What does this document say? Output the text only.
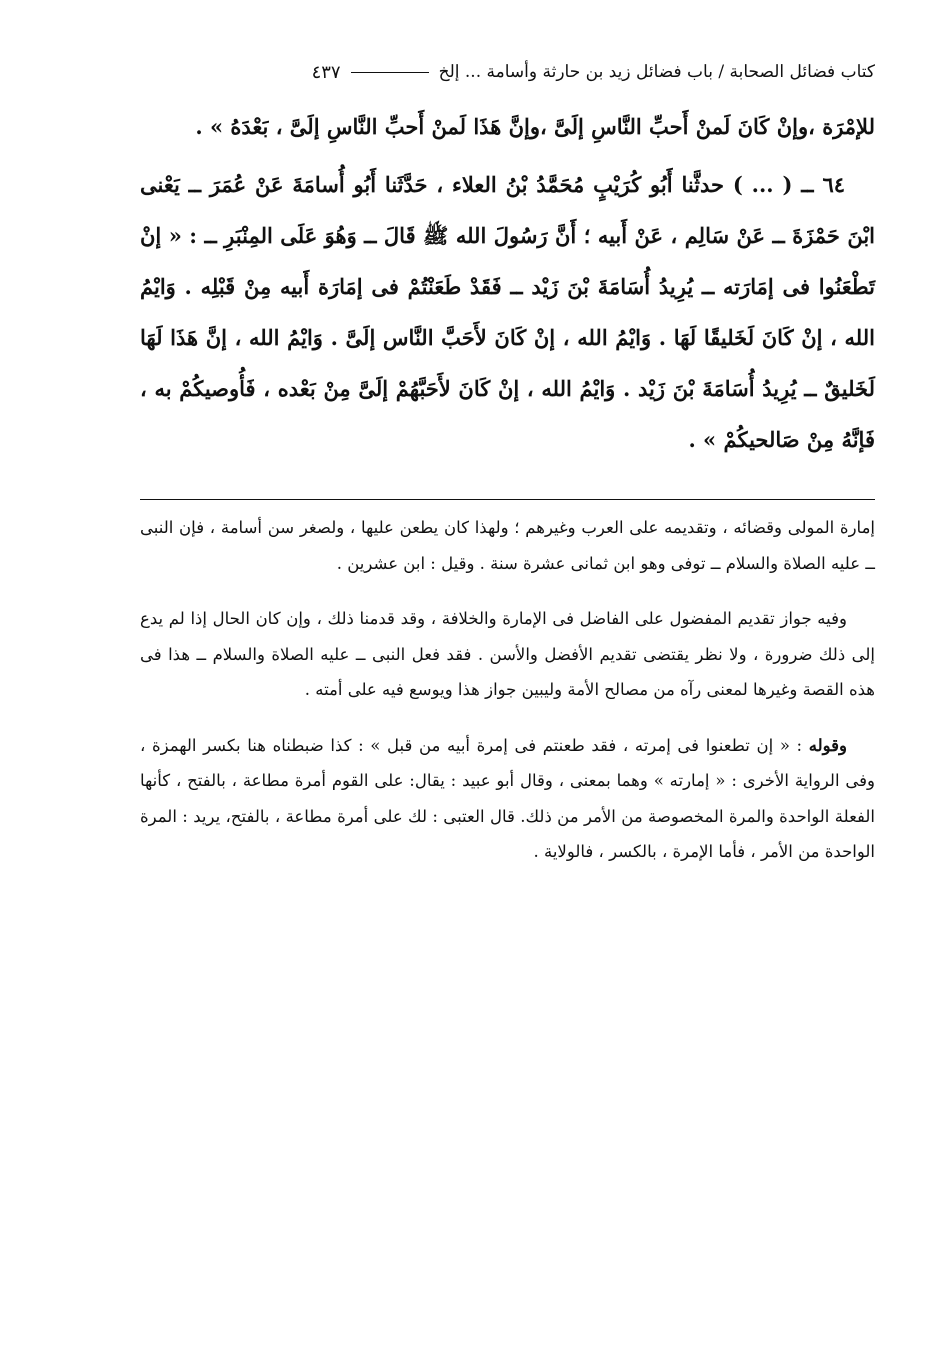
كتاب فضائل الصحابة / باب فضائل زيد بن حارثة وأسامة ... إلخ
٤٣٧

للإمْرَة ،وإنْ كَانَ لَمنْ أَحبِّ النَّاسِ إلَىَّ ،وإنَّ هَذَا لَمنْ أَحبِّ النَّاسِ إلَىَّ ، بَعْدَهُ » .

٦٤ ــ ( ... ) حدثَّنا أَبُو كُرَيْبٍ مُحَمَّدُ بْنُ العلاء ، حَدَّثَنا أَبُو أُسامَةَ عَنْ عُمَرَ ــ يَعْنى ابْنَ حَمْزَةَ ــ عَنْ سَالِم ، عَنْ أَبيه ؛ أَنَّ رَسُولَ الله ﷺ قَالَ ــ وَهُوَ عَلَى المِنْبَرِ ــ : « إنْ تَطْعَنُوا فى إمَارَته ــ يُرِيدُ أُسَامَةَ بْنَ زَيْد ــ فَقَدْ طَعَنْتُمْ فى إمَارَة أَبيه مِنْ قَبْلِه . وَايْمُ الله ، إنْ كَانَ لَخَليقًا لَهَا . وَايْمُ الله ، إنْ كَانَ لأَحَبَّ النَّاس إلَىَّ . وَايْمُ الله ، إنَّ هَذَا لَهَا لَخَليقٌ ــ يُرِيدُ أُسَامَةَ بْنَ زَيْد . وَايْمُ الله ، إنْ كَانَ لأَحَبَّهُمْ إلَىَّ مِنْ بَعْده ، فَأُوصيكُمْ به ، فَإنَّهُ مِنْ صَالحيكُمْ » .

إمارة المولى وقضائه ، وتقديمه على العرب وغيرهم ؛ ولهذا كان يطعن عليها ، ولصغر سن أسامة ، فإن النبى ــ عليه الصلاة والسلام ــ توفى وهو ابن ثمانى عشرة سنة . وقيل : ابن عشرين .

وفيه جواز تقديم المفضول على الفاضل فى الإمارة والخلافة ، وقد قدمنا ذلك ، وإن كان الحال إذا لم يدع إلى ذلك ضرورة ، ولا نظر يقتضى تقديم الأفضل والأسن . فقد فعل النبى ــ عليه الصلاة والسلام ــ هذا فى هذه القصة وغيرها لمعنى رآه من مصالح الأمة وليبين جواز هذا ويوسع فيه على أمته .

وقوله : « إن تطعنوا فى إمرته ، فقد طعنتم فى إمرة أبيه من قبل » : كذا ضبطناه هنا بكسر الهمزة ، وفى الرواية الأخرى : « إمارته » وهما بمعنى ، وقال أبو عبيد : يقال: على القوم أمرة مطاعة ، بالفتح ، كأنها الفعلة الواحدة والمرة المخصوصة من الأمر من ذلك. قال العتبى : لك على أمرة مطاعة ، بالفتح، يريد : المرة الواحدة من الأمر ، فأما الإمرة ، بالكسر ، فالولاية .
